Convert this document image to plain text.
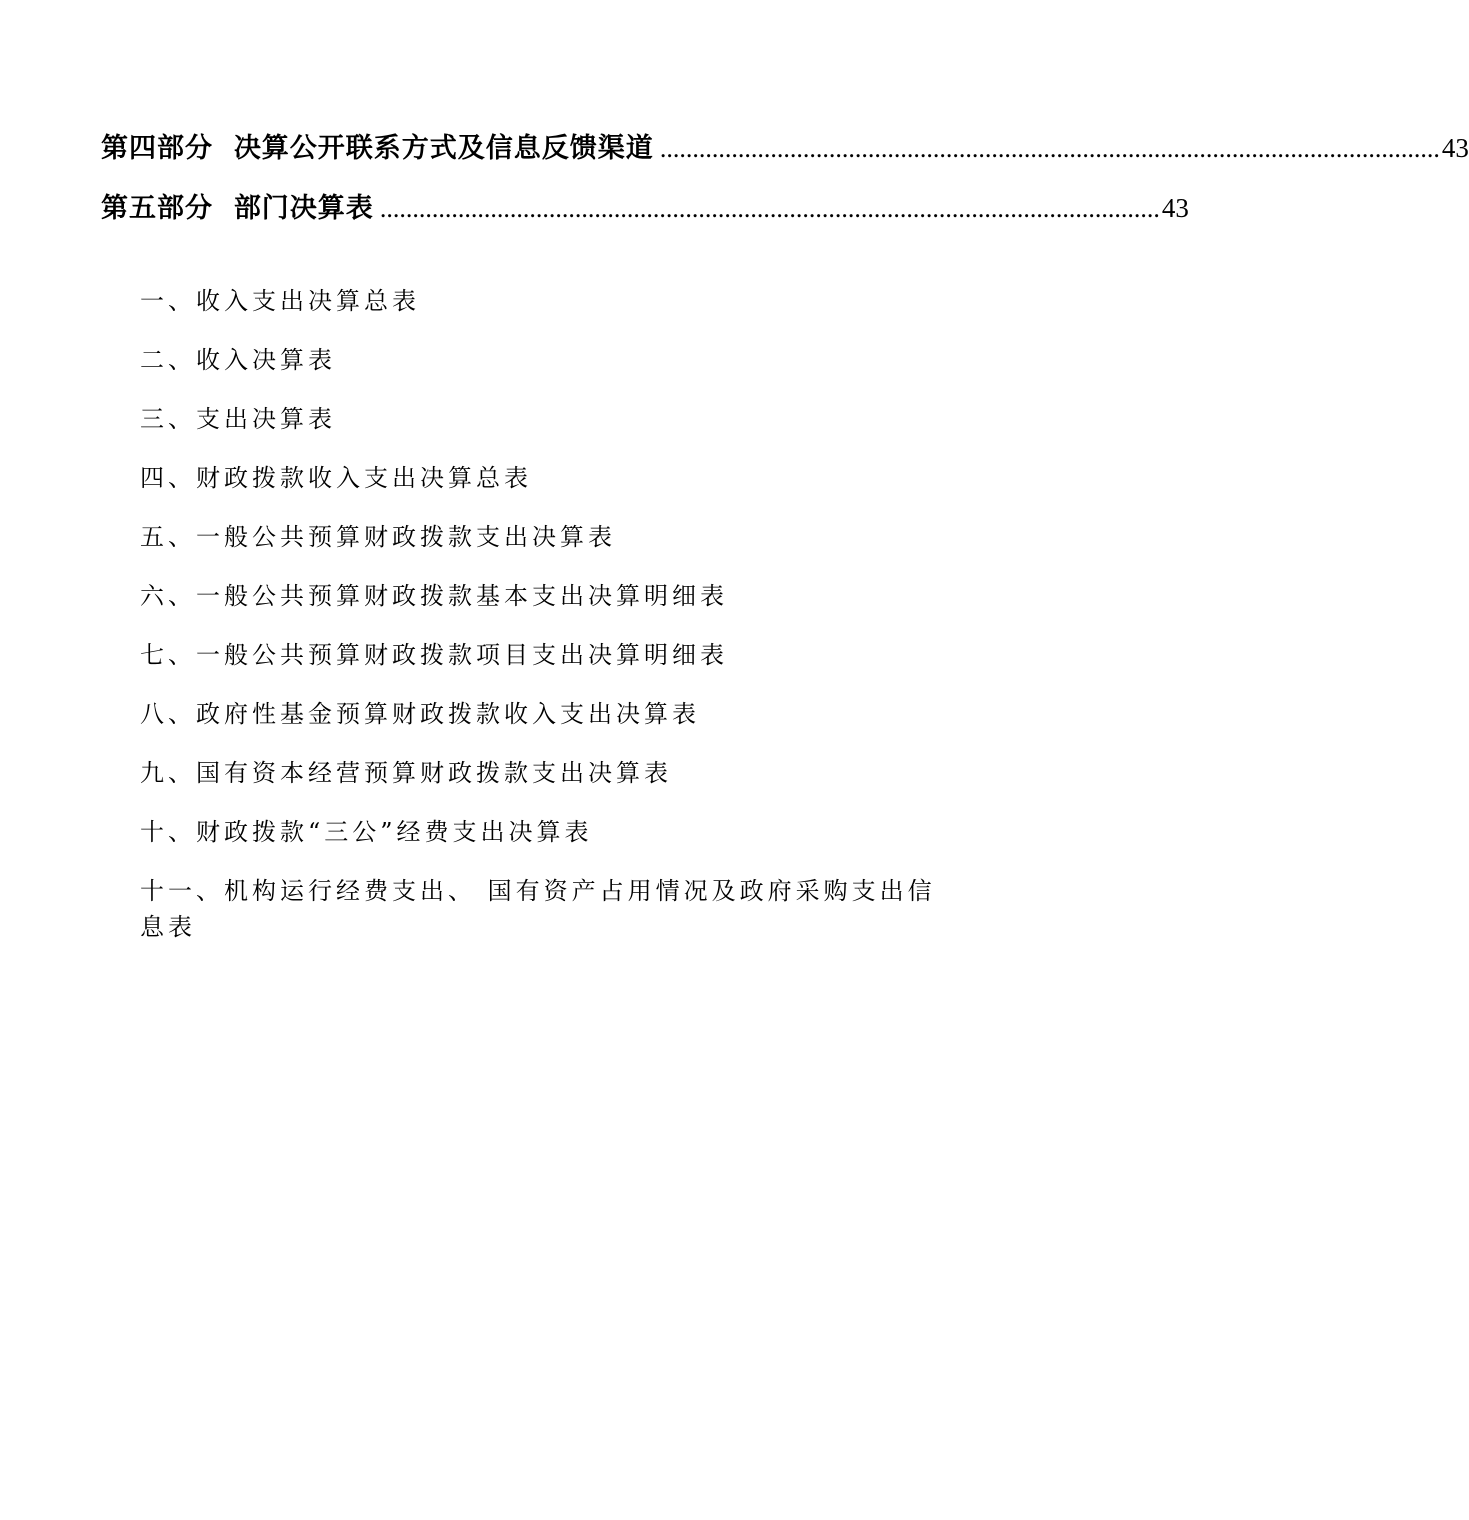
第四部分
决算公开联系方式及信息反馈渠道 ........................................................................................................................ 43
第五部分
部门决算表 ........................................................................................................................ 43
一、收入支出决算总表
二、收入决算表
三、支出决算表
四、财政拨款收入支出决算总表
五、一般公共预算财政拨款支出决算表
六、一般公共预算财政拨款基本支出决算明细表
七、一般公共预算财政拨款项目支出决算明细表
八、政府性基金预算财政拨款收入支出决算表
九、国有资本经营预算财政拨款支出决算表
十、财政拨款“三公”经费支出决算表
十一、机构运行经费支出、 国有资产占用情况及政府采购支出信息表
